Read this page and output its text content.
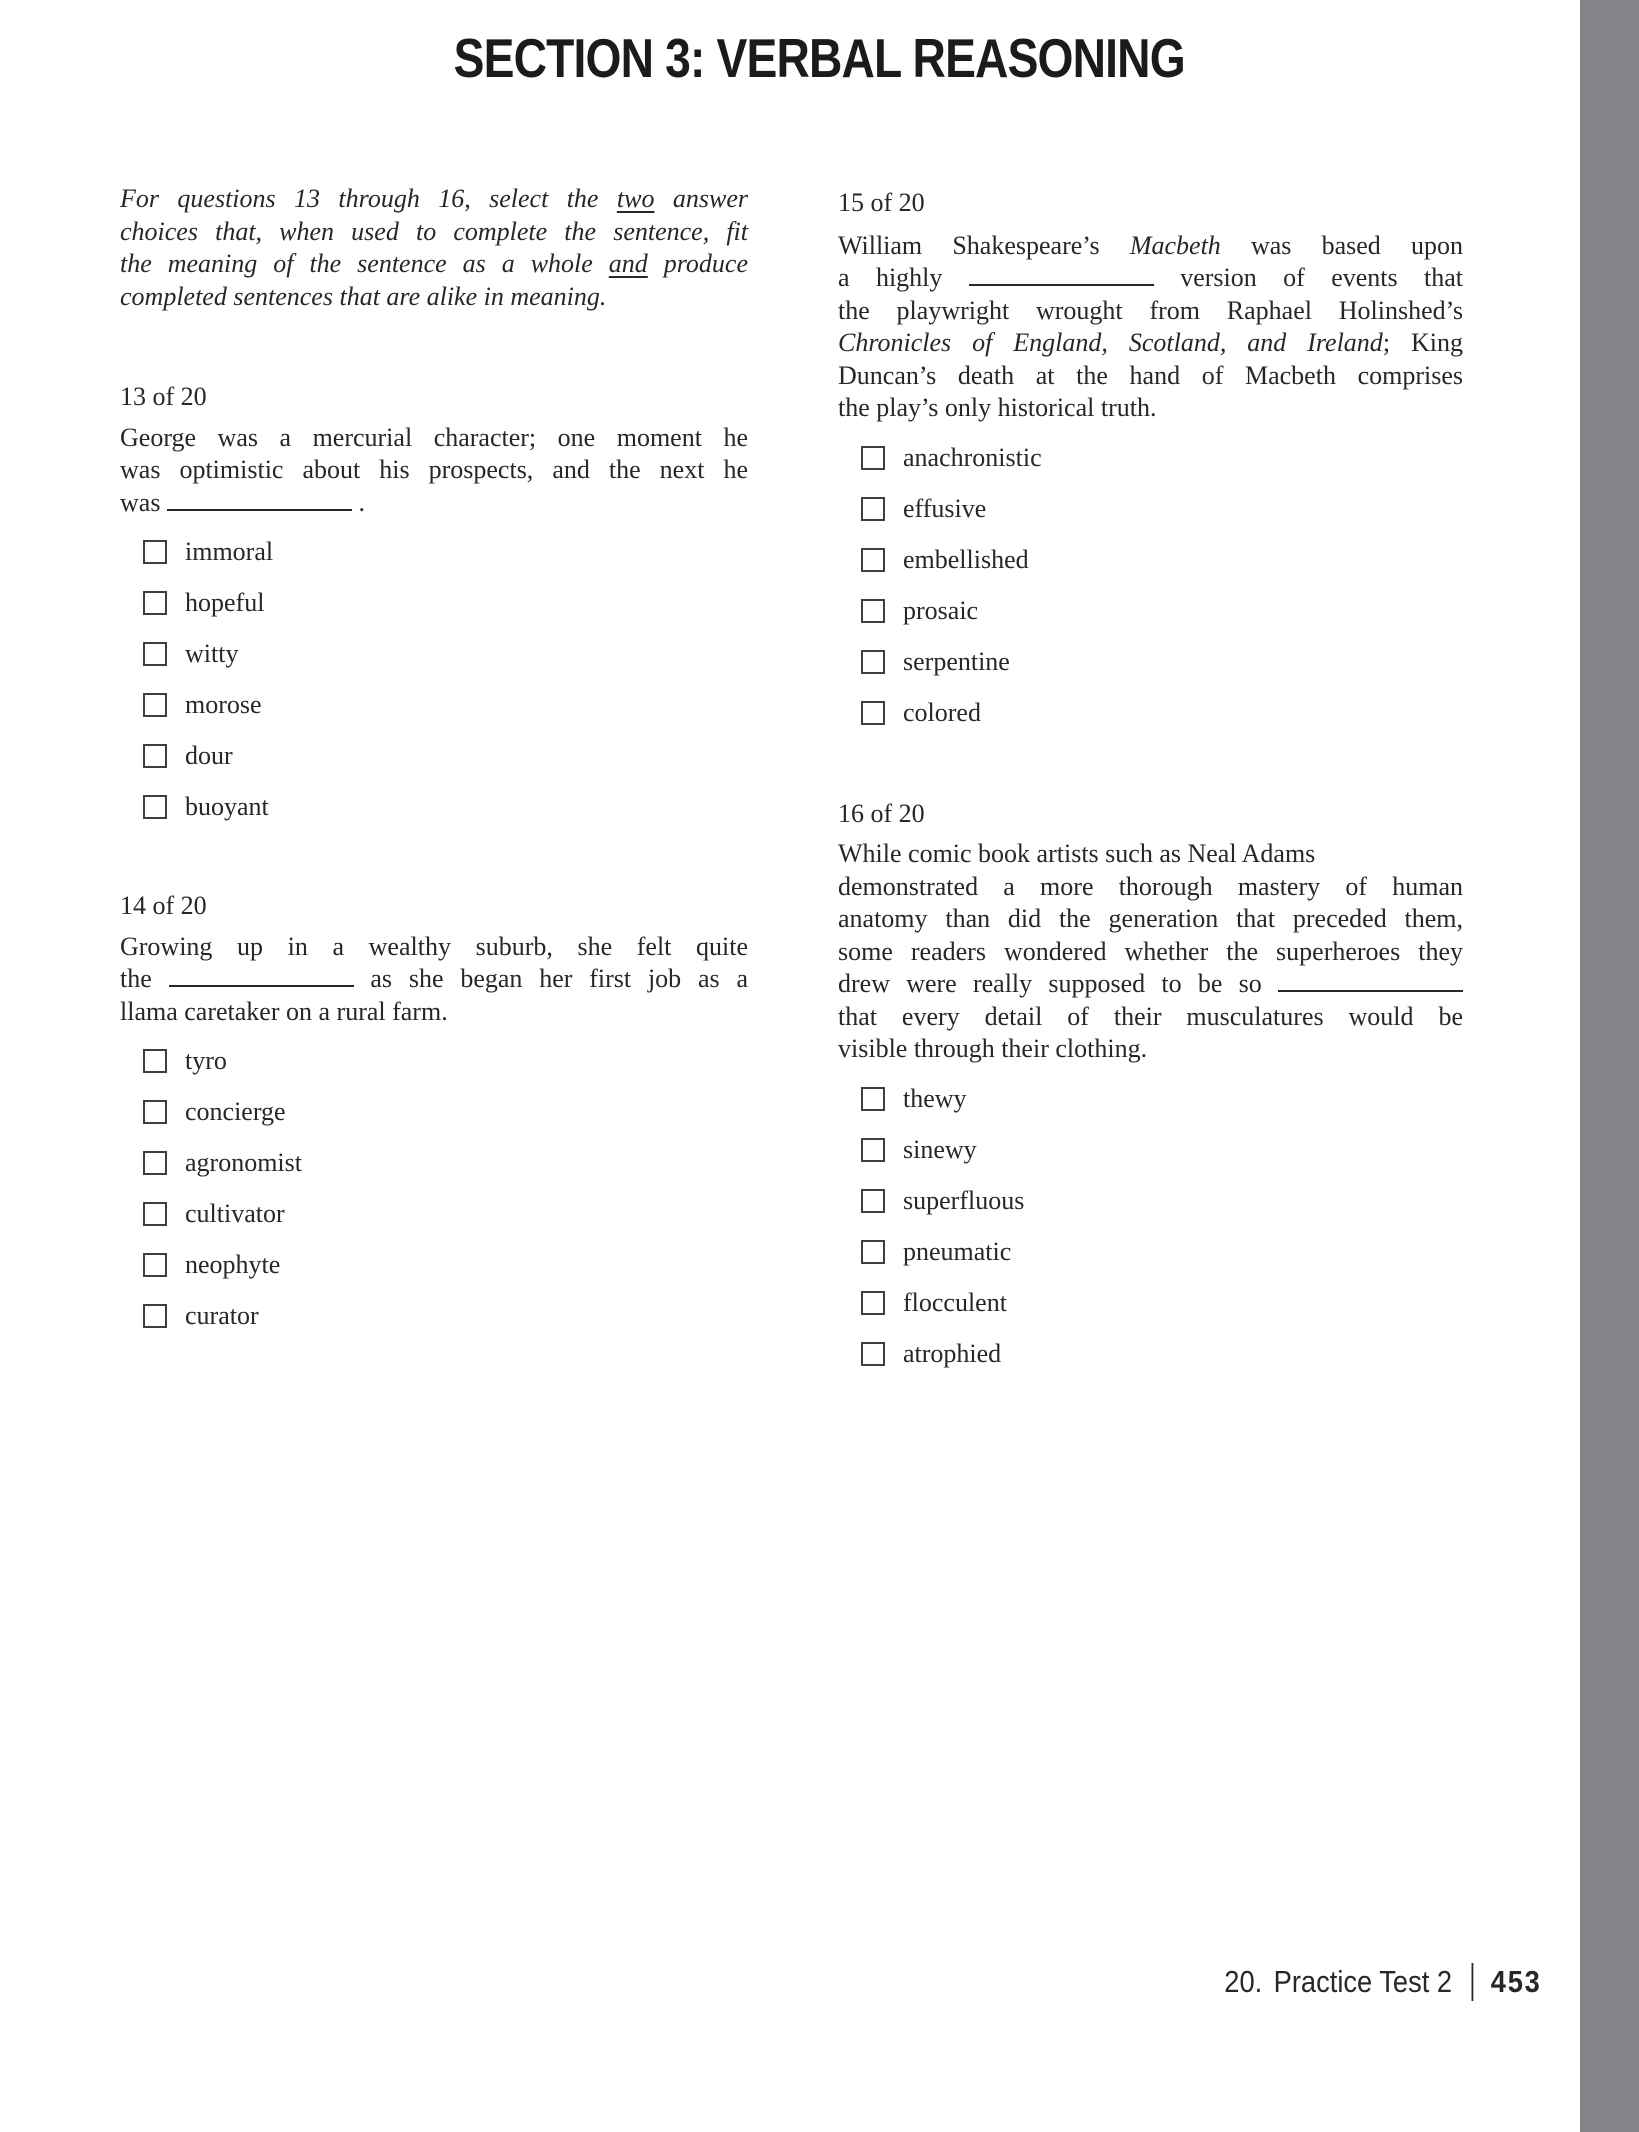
SECTION 3: VERBAL REASONING
For questions 13 through 16, select the two answer
choices that, when used to complete the sentence, fit
the meaning of the sentence as a whole and produce
completed sentences that are alike in meaning.
13 of 20
George was a mercurial character; one moment he
was optimistic about his prospects, and the next he
was	.
immoral
hopeful
witty
morose
dour
buoyant
14 of 20
Growing up in a wealthy suburb, she felt quite
the	as she began her first job as a
llama caretaker on a rural farm.
tyro
concierge
agronomist
cultivator
neophyte
curator
15 of 20
William Shakespeare’s Macbeth was based upon
a highly	version of events that
the playwright wrought from Raphael Holinshed’s
Chronicles of England, Scotland, and Ireland; King
Duncan’s death at the hand of Macbeth comprises
the play’s only historical truth.
anachronistic
effusive
embellished
prosaic
serpentine
colored
16 of 20
While comic book artists such as Neal Adams
demonstrated a more thorough mastery of human
anatomy than did the generation that preceded them,
some readers wondered whether the superheroes they
drew were really supposed to be so
that every detail of their musculatures would be
visible through their clothing.
thewy
sinewy
superfluous
pneumatic
flocculent
atrophied
20. Practice Test 2 453
